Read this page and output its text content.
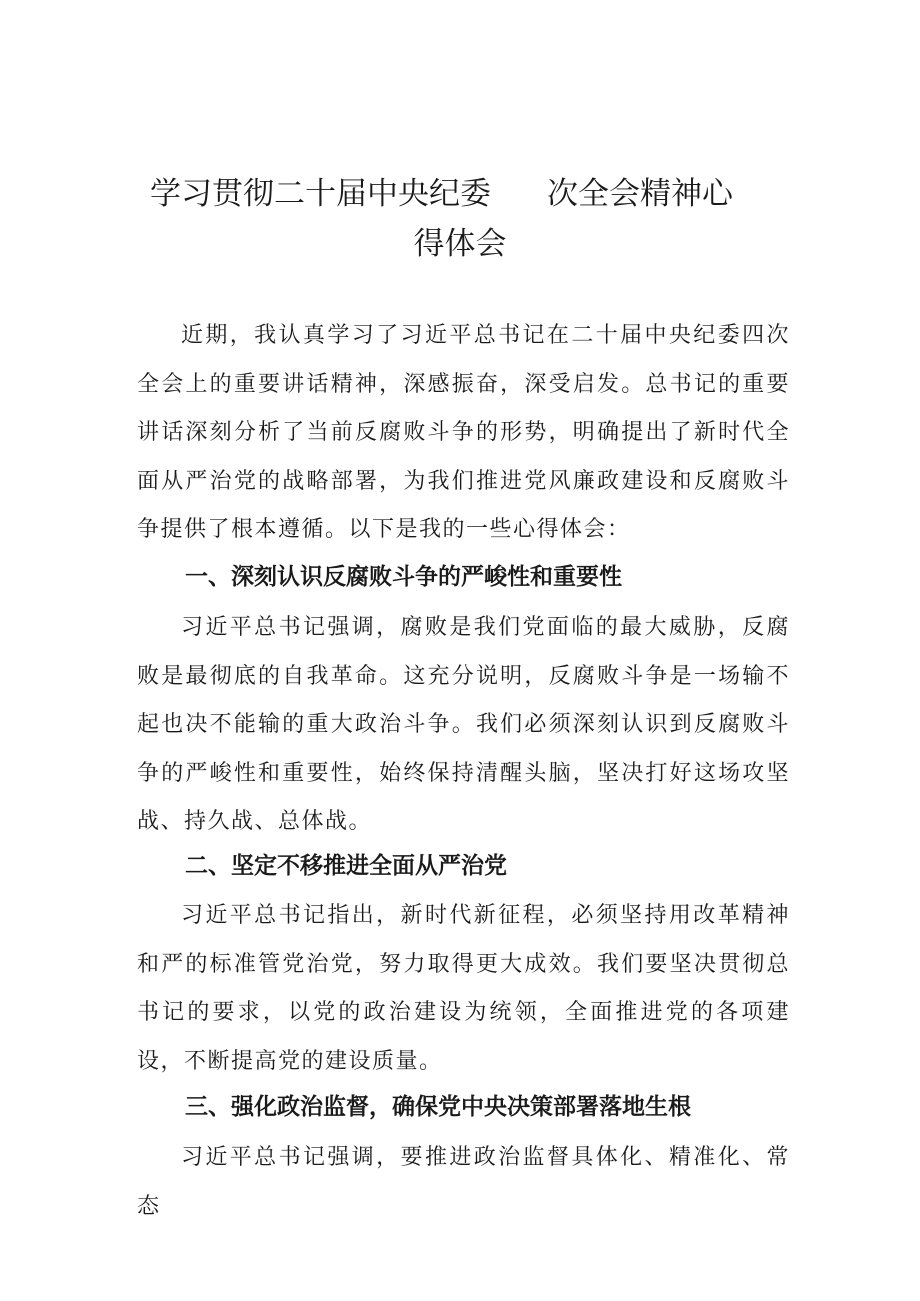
学习贯彻二十届中央纪委 次全会精神心
得体会

近期，我认真学习了习近平总书记在二十届中央纪委四次全会上的重要讲话精神，深感振奋，深受启发。总书记的重要讲话深刻分析了当前反腐败斗争的形势，明确提出了新时代全面从严治党的战略部署，为我们推进党风廉政建设和反腐败斗争提供了根本遵循。以下是我的一些心得体会：

一、深刻认识反腐败斗争的严峻性和重要性

习近平总书记强调，腐败是我们党面临的最大威胁，反腐败是最彻底的自我革命。这充分说明，反腐败斗争是一场输不起也决不能输的重大政治斗争。我们必须深刻认识到反腐败斗争的严峻性和重要性，始终保持清醒头脑，坚决打好这场攻坚战、持久战、总体战。

二、坚定不移推进全面从严治党

习近平总书记指出，新时代新征程，必须坚持用改革精神和严的标准管党治党，努力取得更大成效。我们要坚决贯彻总书记的要求，以党的政治建设为统领，全面推进党的各项建设，不断提高党的建设质量。

三、强化政治监督，确保党中央决策部署落地生根

习近平总书记强调，要推进政治监督具体化、精准化、常态
